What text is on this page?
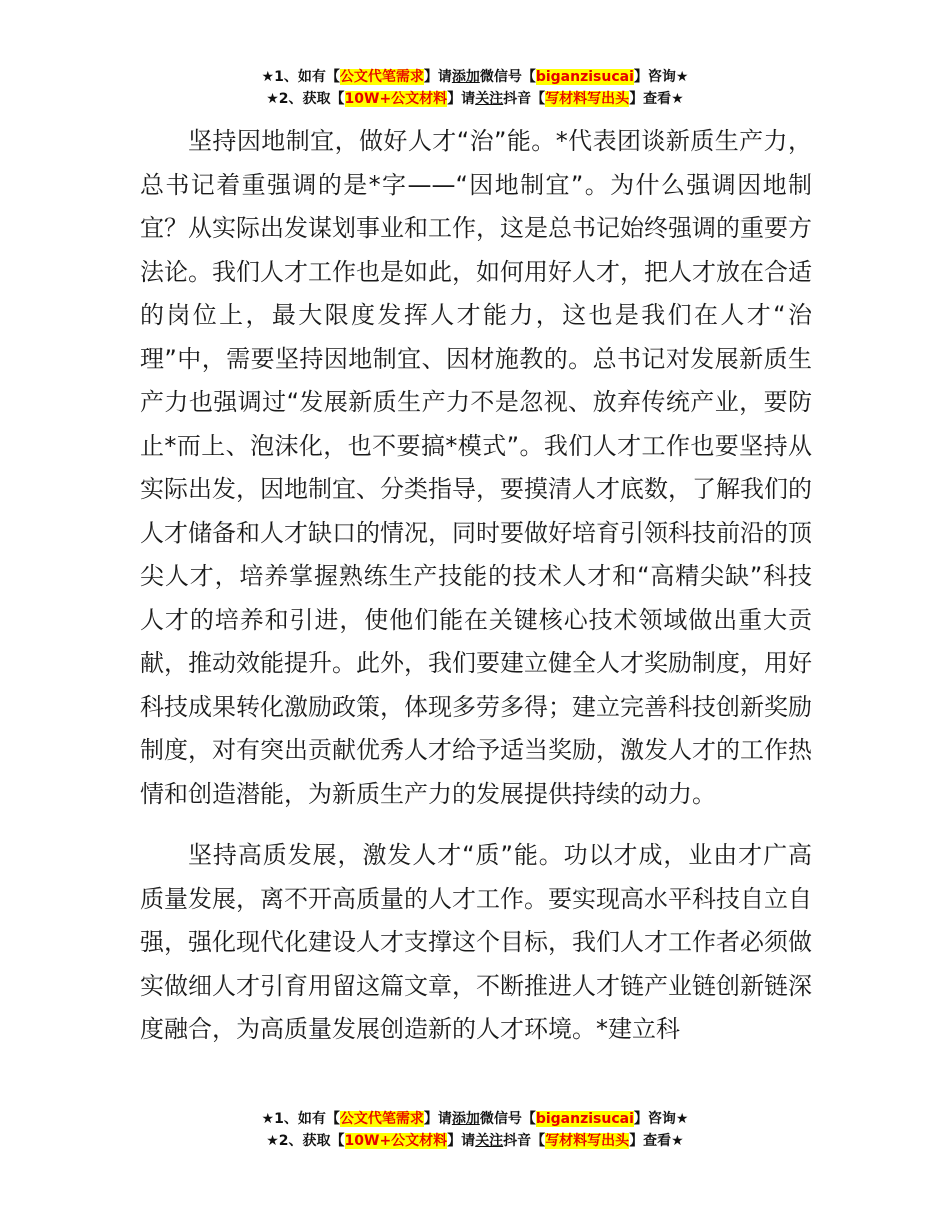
★1、如有【公文代笔需求】请添加微信号【biganzisucai】咨询★
★2、获取【10W+公文材料】请关注抖音【写材料写出头】查看★

坚持因地制宜，做好人才“治”能。*代表团谈新质生产力，总书记着重强调的是*字——“因地制宜”。为什么强调因地制宜？从实际出发谋划事业和工作，这是总书记始终强调的重要方法论。我们人才工作也是如此，如何用好人才，把人才放在合适的岗位上，最大限度发挥人才能力，这也是我们在人才“治理”中，需要坚持因地制宜、因材施教的。总书记对发展新质生产力也强调过“发展新质生产力不是忽视、放弃传统产业，要防止*而上、泡沫化，也不要搞*模式”。我们人才工作也要坚持从实际出发，因地制宜、分类指导，要摸清人才底数，了解我们的人才储备和人才缺口的情况，同时要做好培育引领科技前沿的顶尖人才，培养掌握熟练生产技能的技术人才和“高精尖缺”科技人才的培养和引进，使他们能在关键核心技术领域做出重大贡献，推动效能提升。此外，我们要建立健全人才奖励制度，用好科技成果转化激励政策，体现多劳多得；建立完善科技创新奖励制度，对有突出贡献优秀人才给予适当奖励，激发人才的工作热情和创造潜能，为新质生产力的发展提供持续的动力。

坚持高质发展，激发人才“质”能。功以才成，业由才广高质量发展，离不开高质量的人才工作。要实现高水平科技自立自强，强化现代化建设人才支撑这个目标，我们人才工作者必须做实做细人才引育用留这篇文章，不断推进人才链产业链创新链深度融合，为高质量发展创造新的人才环境。*建立科

★1、如有【公文代笔需求】请添加微信号【biganzisucai】咨询★
★2、获取【10W+公文材料】请关注抖音【写材料写出头】查看★
